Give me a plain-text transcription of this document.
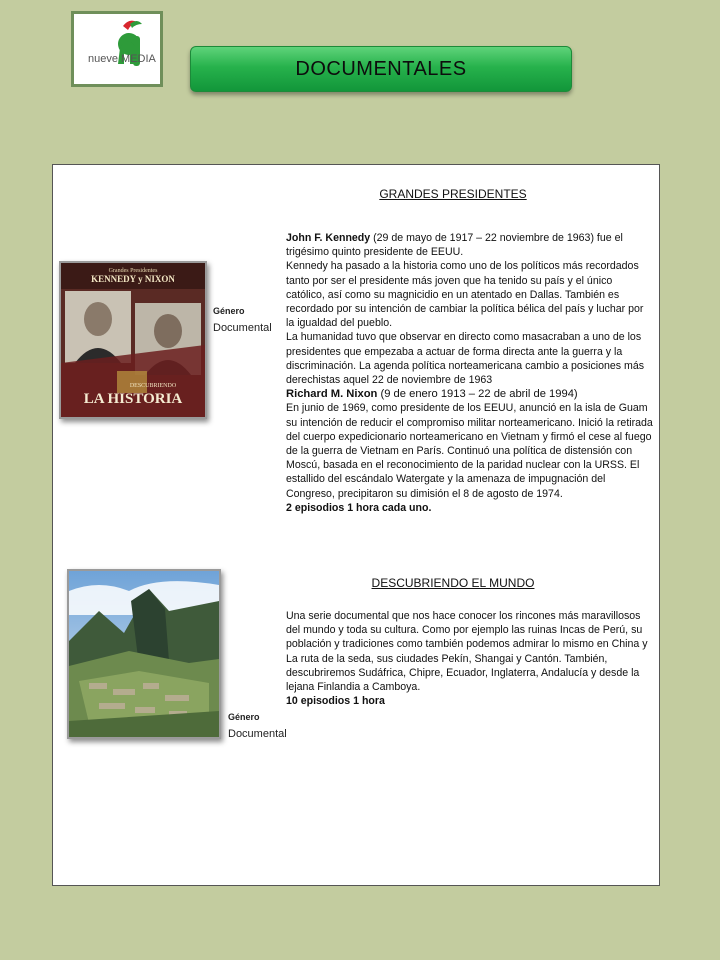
nueve MEDIA	DOCUMENTALES
GRANDES PRESIDENTES
Grandes Presidentes
KENNEDY y NIXON
DESCUBRIENDO
LA HISTORIA
Género
Documental

John F. Kennedy (29 de mayo de 1917 – 22 noviembre de 1963) fue el trigésimo quinto presidente de EEUU.

Kennedy ha pasado a la historia como uno de los políticos más recordados tanto por ser el presidente más joven que ha tenido su país y el único católico, así como su magnicidio en un atentado en Dallas. También es recordado por su intención de cambiar la política bélica del país y luchar por la igualdad del pueblo.

La humanidad tuvo que observar en directo como masacraban a uno de los presidentes que empezaba a actuar de forma directa ante la guerra y la discriminación. La agenda política norteamericana cambio a posiciones más derechistas aquel 22 de noviembre de 1963

Richard M. Nixon (9 de enero 1913 – 22 de abril de 1994)

En junio de 1969, como presidente de los EEUU, anunció en la isla de Guam su intención de reducir el compromiso militar norteamericano. Inició la retirada del cuerpo expedicionario norteamericano en Vietnam y firmó el cese al fuego de la guerra de Vietnam en París. Continuó una política de distensión con Moscú, basada en el reconocimiento de la paridad nuclear con la URSS. El estallido del escándalo Watergate y la amenaza de impugnación del Congreso, precipitaron su dimisión el 8 de agosto de 1974.

2 episodios 1 hora cada uno.

DESCUBRIENDO EL MUNDO
Género
Documental

Una serie documental que nos hace conocer los rincones más maravillosos del mundo y toda su cultura. Como por ejemplo las ruinas Incas de Perú, su población y tradiciones como también podemos admirar lo mismo en China y La ruta de la seda, sus ciudades Pekín, Shangai y Cantón. También, descubriremos Sudáfrica, Chipre, Ecuador, Inglaterra, Andalucía y desde la lejana Finlandia a Camboya.

10 episodios 1 hora
